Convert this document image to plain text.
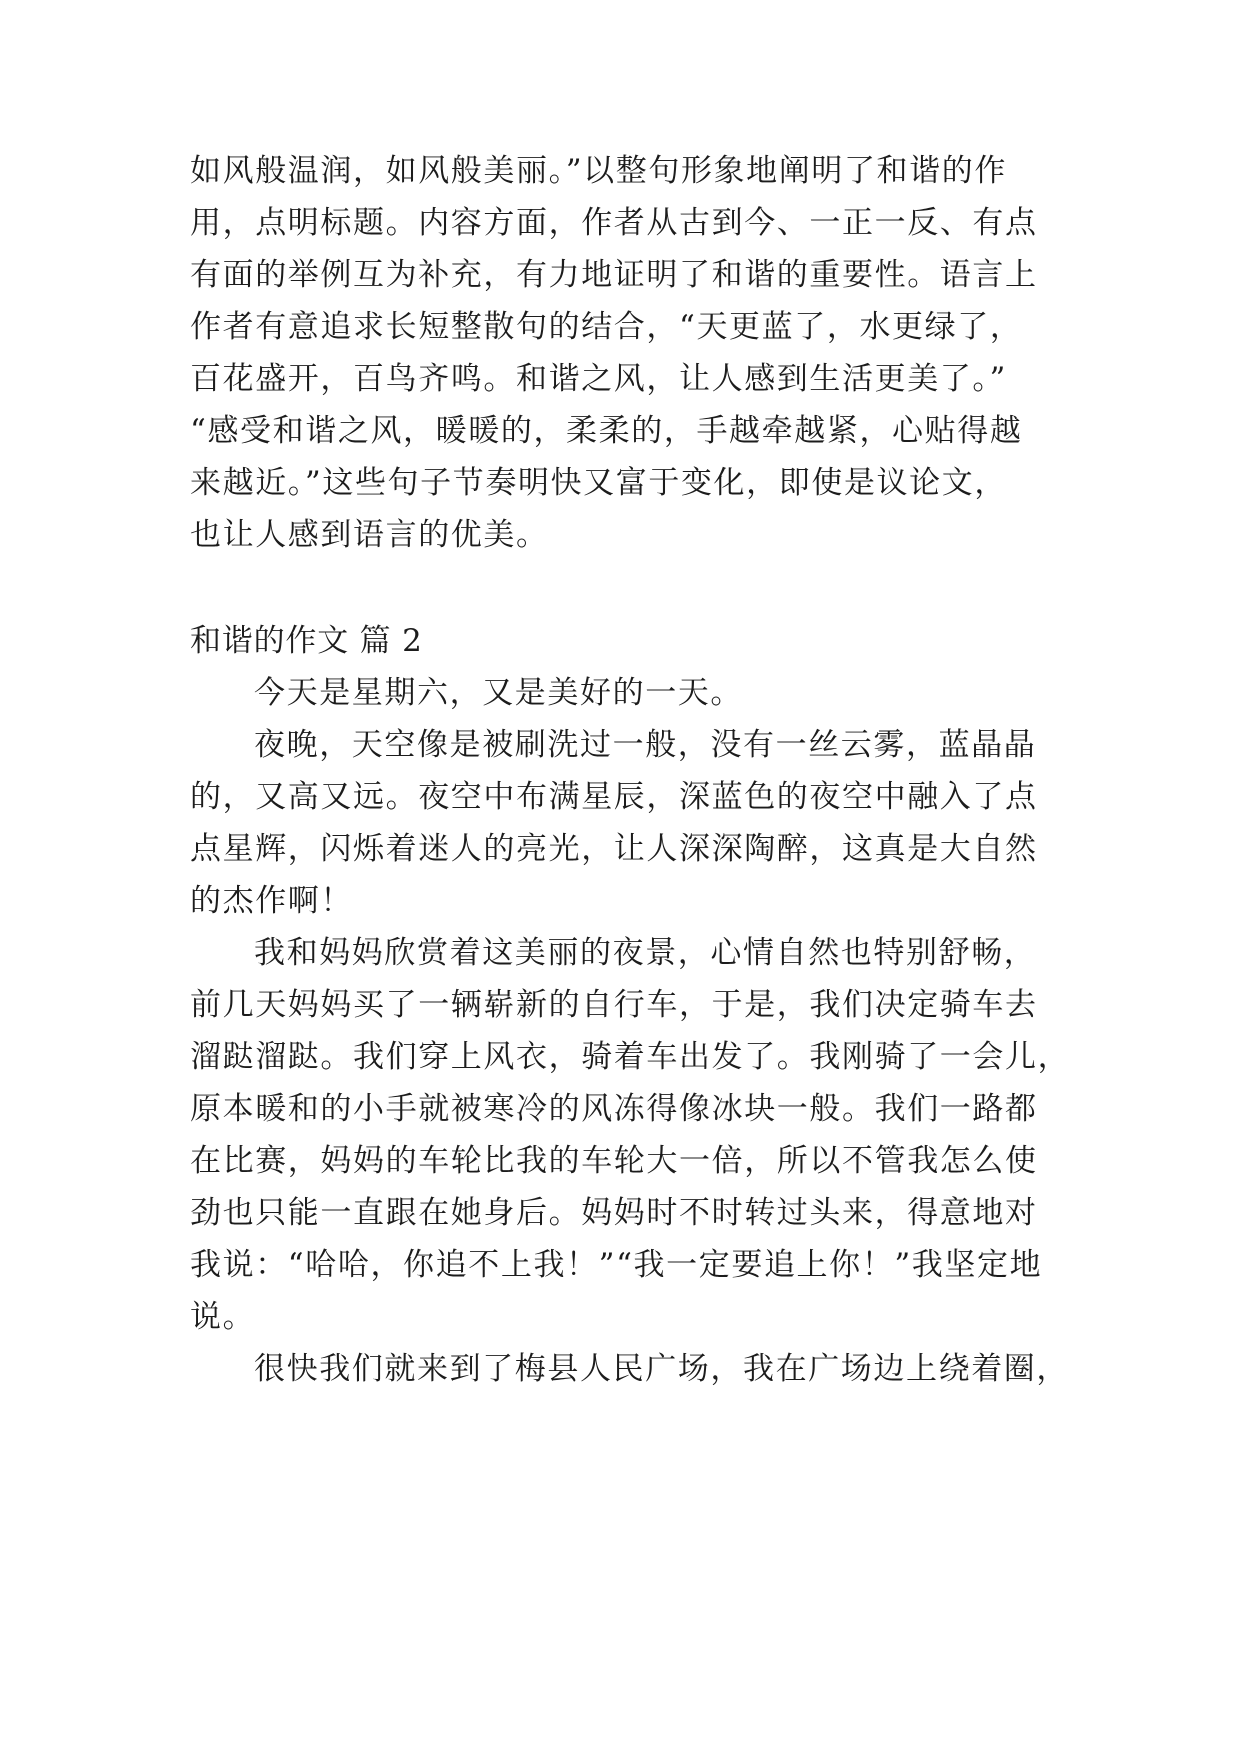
如风般温润，如风般美丽。”以整句形象地阐明了和谐的作
用，点明标题。内容方面，作者从古到今、一正一反、有点
有面的举例互为补充，有力地证明了和谐的重要性。语言上
作者有意追求长短整散句的结合，“天更蓝了，水更绿了，
百花盛开，百鸟齐鸣。和谐之风，让人感到生活更美了。”
“感受和谐之风，暖暖的，柔柔的，手越牵越紧，心贴得越
来越近。”这些句子节奏明快又富于变化，即使是议论文，
也让人感到语言的优美。
和谐的作文 篇 2
今天是星期六，又是美好的一天。
夜晚，天空像是被刷洗过一般，没有一丝云雾，蓝晶晶
的，又高又远。夜空中布满星辰，深蓝色的夜空中融入了点
点星辉，闪烁着迷人的亮光，让人深深陶醉，这真是大自然
的杰作啊！
我和妈妈欣赏着这美丽的夜景，心情自然也特别舒畅，
前几天妈妈买了一辆崭新的自行车，于是，我们决定骑车去
溜跶溜跶。我们穿上风衣，骑着车出发了。我刚骑了一会儿，
原本暖和的小手就被寒冷的风冻得像冰块一般。我们一路都
在比赛，妈妈的车轮比我的车轮大一倍，所以不管我怎么使
劲也只能一直跟在她身后。妈妈时不时转过头来，得意地对
我说：“哈哈，你追不上我！”“我一定要追上你！”我坚定地
说。
很快我们就来到了梅县人民广场，我在广场边上绕着圈，
